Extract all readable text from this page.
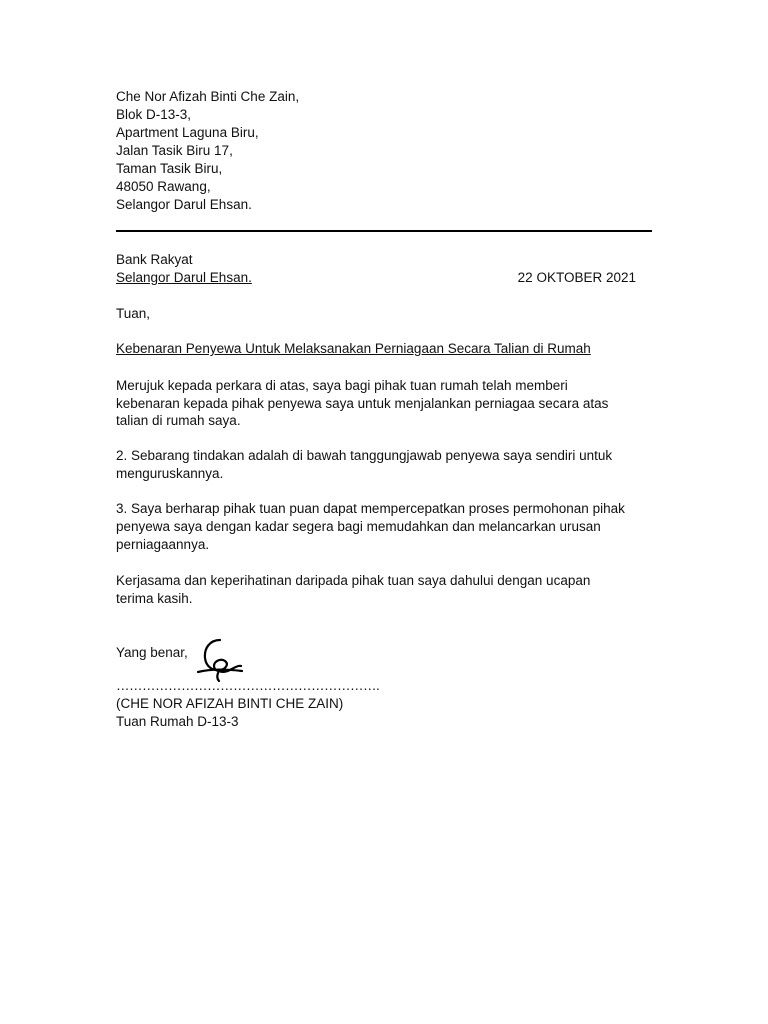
Che Nor Afizah Binti Che Zain,
Blok D-13-3,
Apartment Laguna Biru,
Jalan Tasik Biru 17,
Taman Tasik Biru,
48050 Rawang,
Selangor Darul Ehsan.
Bank Rakyat
Selangor Darul Ehsan.	22 OKTOBER 2021
Tuan,
Kebenaran Penyewa Untuk Melaksanakan Perniagaan Secara Talian di Rumah
Merujuk kepada perkara di atas, saya bagi pihak tuan rumah telah memberi
kebenaran kepada pihak penyewa saya untuk menjalankan perniagaa secara atas
talian di rumah saya.
2. Sebarang tindakan adalah di bawah tanggungjawab penyewa saya sendiri untuk
menguruskannya.
3. Saya berharap pihak tuan puan dapat mempercepatkan proses permohonan pihak
penyewa saya dengan kadar segera bagi memudahkan dan melancarkan urusan
perniagaannya.
Kerjasama dan keperihatinan daripada pihak tuan saya dahului dengan ucapan
terima kasih.
Yang benar,
…………………………………………………….
(CHE NOR AFIZAH BINTI CHE ZAIN)
Tuan Rumah D-13-3
